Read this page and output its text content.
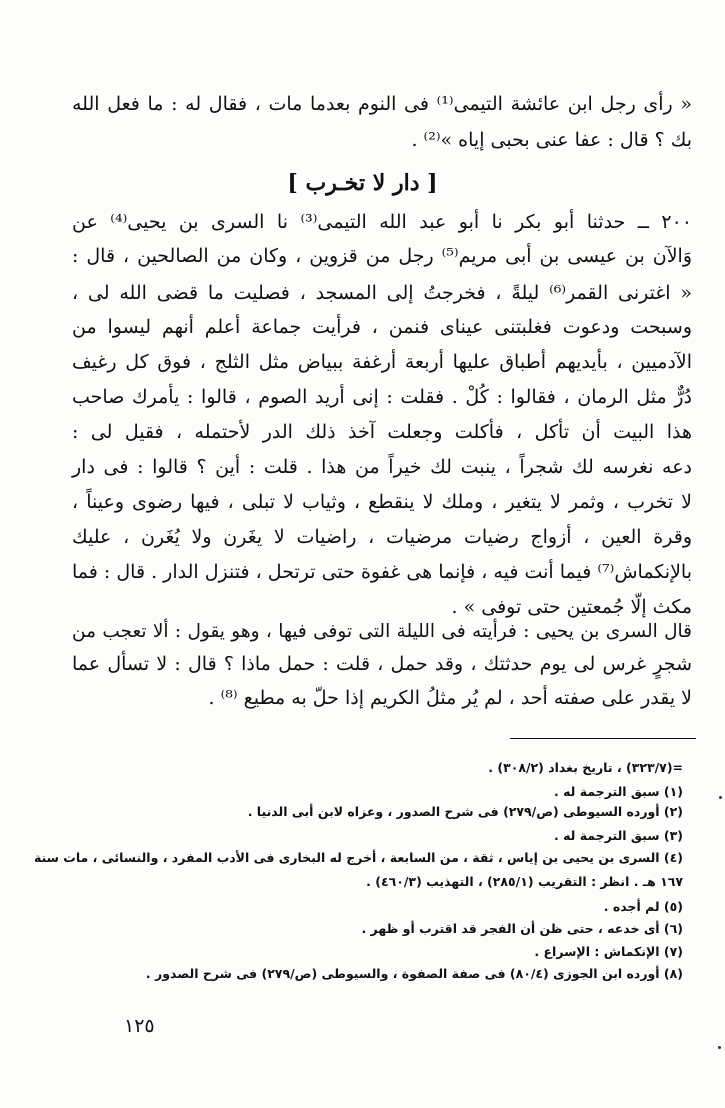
« رأى رجل ابن عائشة التيمى⁽¹⁾ فى النوم بعدما مات ، فقال له : ما فعل الله
بك ؟ قال : عفا عنى بحبى إياه »⁽²⁾ .
[ دار لا تخـرب ]
٢٠٠ ــ حدثنا أبو بكر نا أبو عبد الله التيمى⁽³⁾ نا السرى بن يحيى⁽⁴⁾ عن
وَالآن بن عيسى بن أبى مريم⁽⁵⁾ رجل من قزوين ، وكان من الصالحين ، قال :
« اغترنى القمر⁽⁶⁾ ليلةً ، فخرجتُ إلى المسجد ، فصليت ما قضى الله لى ،
وسبحت ودعوت فغلبتنى عيناى فنمن ، فرأيت جماعة أعلم أنهم ليسوا من
الآدميين ، بأيديهم أطباق عليها أربعة أرغفة ببياض مثل الثلج ، فوق كل رغيف
دُرٌّ مثل الرمان ، فقالوا : كُلْ . فقلت : إنى أريد الصوم ، قالوا : يأمرك صاحب
هذا البيت أن تأكل ، فأكلت وجعلت آخذ ذلك الدر لأحتمله ، فقيل لى :
دعه نغرسه لك شجراً ، ينبت لك خيراً من هذا . قلت : أين ؟ قالوا : فى دار
لا تخرب ، وثمر لا يتغير ، وملك لا ينقطع ، وثياب لا تبلى ، فيها رضوى وعيناً ،
وقرة العين ، أزواج رضيات مرضيات ، راضيات لا يغَرن ولا يُغَرن ، عليك
بالإنكماش⁽⁷⁾ فيما أنت فيه ، فإنما هى غفوة حتى ترتحل ، فتنزل الدار . قال : فما
مكث إلّا جُمعتين حتى توفى » .
قال السرى بن يحيى : فرأيته فى الليلة التى توفى فيها ، وهو يقول : ألا تعجب من
شجرٍ غرس لى يوم حدثتك ، وقد حمل ، قلت : حمل ماذا ؟ قال : لا تسأل عما
لا يقدر على صفته أحد ، لم يُر مثلُ الكريم إذا حلّ به مطيع ⁽⁸⁾ .
=(٣٢٣/٧) ، تاريخ بغداد (٣٠٨/٢) .
(١) سبق الترجمة له .
(٢) أورده السيوطى (ص/٢٧٩) فى شرح الصدور ، وعزاه لابن أبى الدنيا .
(٣) سبق الترجمة له .
(٤) السرى بن يحيى بن إياس ، ثقة ، من السابعة ، أخرج له البخارى فى الأدب المفرد ، والنسائى ، مات سنة
١٦٧ هـ . انظر : التقريب (٢٨٥/١) ، التهذيب (٤٦٠/٣) .
(٥) لم أجده .
(٦) أى خدعه ، حتى ظن أن الفجر قد اقترب أو ظهر .
(٧) الإنكماش : الإسراع .
(٨) أورده ابن الجوزى (٨٠/٤) فى صفة الصفوة ، والسيوطى (ص/٢٧٩) فى شرح الصدور .
١٢٥
